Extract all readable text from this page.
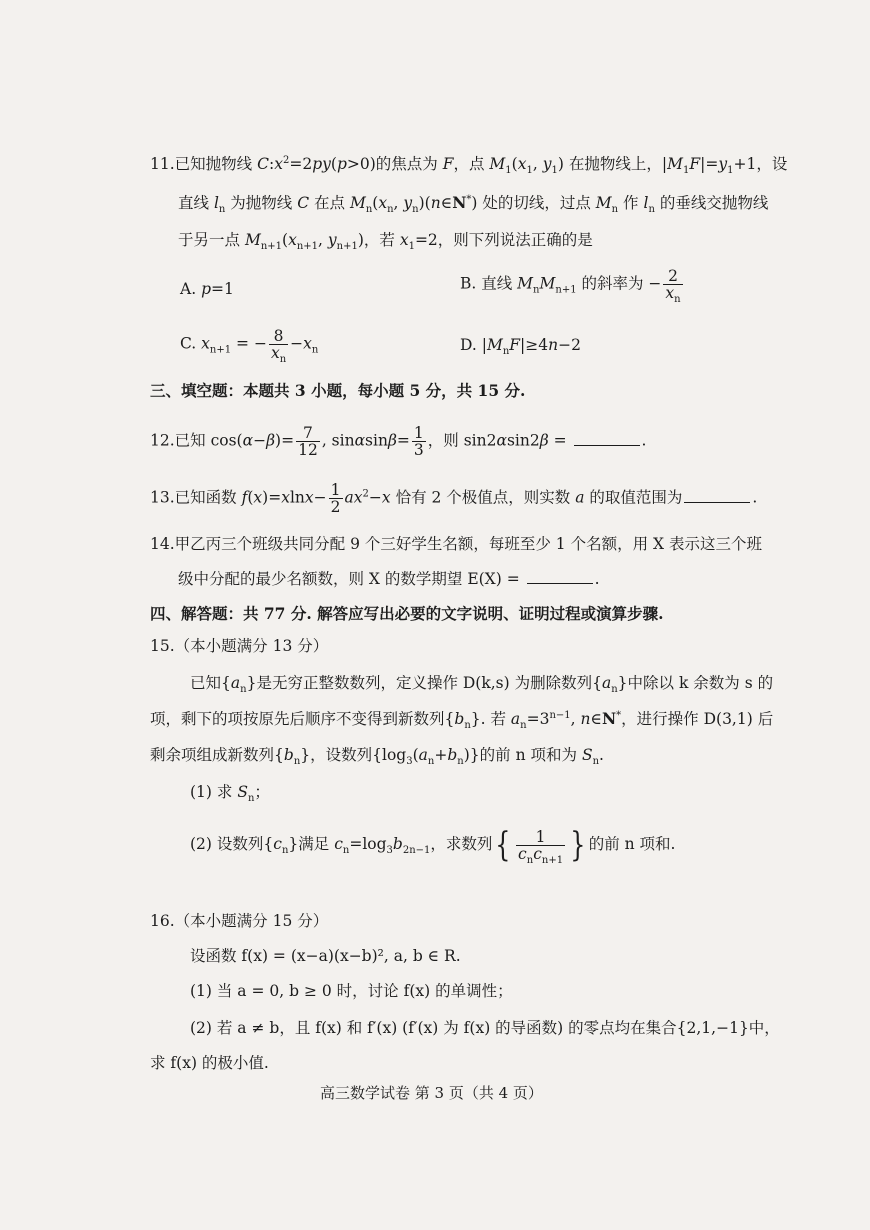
11.已知抛物线 $C:x^2=2py(p>0)$的焦点为 F，点 $M_1(x_1$, $y_1$) 在抛物线上，$|M_1F|=y_1+1$，设
直线 $l_n$ 为抛物线 C 在点 $M_n(x_n$, $y_n)(n\in N^*)$ 处的切线，过点 $M_n$ 作 $l_n$ 的垂线交抛物线
于另一点 $M_{n+1}(x_{n+1}$, $y_{n+1}$)，若 $x_1=2$，则下列说法正确的是
A. p=1	B. 直线 $M_nM_{n+1}$ 的斜率为 − $\frac{2}{x_n}$
C. $x_{n+1}$ = − $\frac{8}{x_n} -x_n$	D. $|M_nF|\ge 4n-2$
三、填空题：本题共 3 小题，每小题 5 分，共 15 分.
12.已知 $\cos(\alpha-\beta)= \frac{7}{12}$ , $\sin\alpha\sin\beta= \frac{1}{3}$ ，则 sin2αsin2β =	.
13.已知函数 $f(x)=xlnx- \frac{1}{2} ax^2-x$ 恰有 2 个极值点，则实数 a 的取值范围为	.
14.甲乙丙三个班级共同分配 9 个三好学生名额，每班至少 1 个名额，用 X 表示这三个班
级中分配的最少名额数，则 X 的数学期望 E(X) =	.
四、解答题：共 77 分. 解答应写出必要的文字说明、证明过程或演算步骤.
15.（本小题满分 13 分）
已知$\{a_n\}$是无穷正整数数列，定义操作 D(k,s) 为删除数列$\{a_n\}$中除以 k 余数为 s 的
项，剩下的项按原先后顺序不变得到新数列$\{b_n\}$. 若 $a_n=3^{n-1}$, n∈N*，进行操作 D(3,1) 后
剩余项组成新数列$\{b_n\}$，设数列$\{\log_3(a_n+b_n)\}$的前 n 项和为 $S_n$.
(1) 求 $S_n$；
(2) 设数列$\{c_n\}$满足 $c_n=\log_3b_{2n-1}$，求数列{ $\frac{1}{c_nc_{n+1}}$ } 的前 n 项和.
16.（本小题满分 15 分）
设函数 f(x) = (x−a)(x−b)², a, b ∈ R.
(1) 当 a = 0, b ≥ 0 时，讨论 f(x) 的单调性；
(2) 若 a ≠ b，且 f(x) 和 f′(x) (f′(x) 为 f(x) 的导函数) 的零点均在集合{2,1,−1}中，
求 f(x) 的极小值.
高三数学试卷 第 3 页（共 4 页）
